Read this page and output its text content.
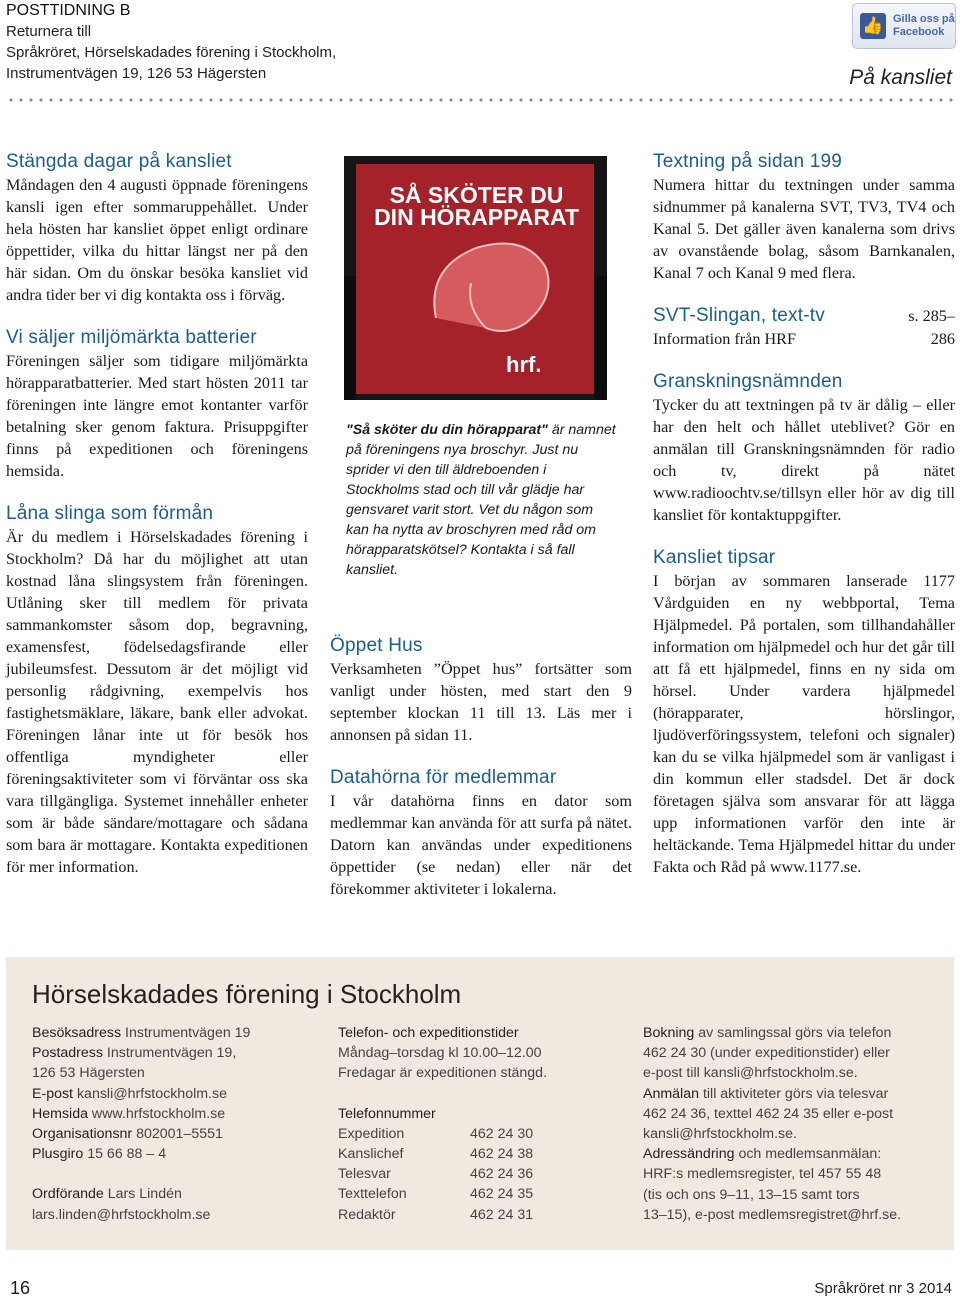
POSTTIDNING B
Returnera till
Språkröret, Hörselskadades förening i Stockholm,
Instrumentvägen 19, 126 53 Hägersten
👍 Gilla oss på
Facebook
På kansliet
Stängda dagar på kansliet

Måndagen den 4 augusti öppnade föreningens kansli igen efter sommaruppehållet. Under hela hösten har kansliet öppet enligt ordinare öppettider, vilka du hittar längst ner på den här sidan. Om du önskar besöka kansliet vid andra tider ber vi dig kontakta oss i förväg.

Vi säljer miljömärkta batterier

Föreningen säljer som tidigare miljömärkta hörapparatbatterier. Med start hösten 2011 tar föreningen inte längre emot kontanter varför betalning sker genom faktura. Prisuppgifter finns på expeditionen och föreningens hemsida.

Låna slinga som förmån

Är du medlem i Hörselskadades förening i Stockholm? Då har du möjlighet att utan kostnad låna slingsystem från föreningen. Utlåning sker till medlem för privata sammankomster såsom dop, begravning, examensfest, födelsedagsfirande eller jubileumsfest. Dessutom är det möjligt vid personlig rådgivning, exempelvis hos fastighetsmäklare, läkare, bank eller advokat. Föreningen lånar inte ut för besök hos offentliga myndigheter eller föreningsaktiviteter som vi förväntar oss ska vara tillgängliga. Systemet innehåller enheter som är både sändare/mottagare och sådana som bara är mottagare. Kontakta expeditionen för mer information.

SÅ SKÖTER DU
DIN HÖRAPPARAT
hrf.
"Så sköter du din hörapparat" är namnet på föreningens nya broschyr. Just nu sprider vi den till äldreboenden i Stockholms stad och till vår glädje har gensvaret varit stort. Vet du någon som kan ha nytta av broschyren med råd om hörapparatskötsel? Kontakta i så fall kansliet.
Öppet Hus

Verksamheten ”Öppet hus” fortsätter som vanligt under hösten, med start den 9 september klockan 11 till 13. Läs mer i annonsen på sidan 11.

Datahörna för medlemmar

I vår datahörna finns en dator som medlemmar kan använda för att surfa på nätet. Datorn kan användas under expeditionens öppettider (se nedan) eller när det förekommer aktiviteter i lokalerna.

Textning på sidan 199

Numera hittar du textningen under samma sidnummer på kanalerna SVT, TV3, TV4 och Kanal 5. Det gäller även kanalerna som drivs av ovanstående bolag, såsom Barnkanalen, Kanal 7 och Kanal 9 med flera.

SVT-Slingan, text-tv	s. 285–
Information från HRF	286
Granskningsnämnden

Tycker du att textningen på tv är dålig – eller har den helt och hållet uteblivet? Gör en anmälan till Granskningsnämnden för radio och tv, direkt på nätet www.radioochtv.se/tillsyn eller hör av dig till kansliet för kontaktuppgifter.

Kansliet tipsar

I början av sommaren lanserade 1177 Vårdguiden en ny webbportal, Tema Hjälpmedel. På portalen, som tillhandahåller information om hjälpmedel och hur det går till att få ett hjälpmedel, finns en ny sida om hörsel. Under vardera hjälpmedel (hörapparater, hörslingor, ljudöverföringssystem, telefoni och signaler) kan du se vilka hjälpmedel som är vanligast i din kommun eller stadsdel. Det är dock företagen själva som ansvarar för att lägga upp informationen varför den inte är heltäckande. Tema Hjälpmedel hittar du under Fakta och Råd på www.1177.se.

Hörselskadades förening i Stockholm
Besöksadress Instrumentvägen 19
Postadress Instrumentvägen 19,
126 53 Hägersten
E-post kansli@hrfstockholm.se
Hemsida www.hrfstockholm.se
Organisationsnr 802001–5551
Plusgiro 15 66 88 – 4
Ordförande Lars Lindén
lars.linden@hrfstockholm.se
Telefon- och expeditionstider
Måndag–torsdag kl 10.00–12.00
Fredagar är expeditionen stängd.
Telefonnummer
Expedition	462 24 30
Kanslichef	462 24 38
Telesvar	462 24 36
Texttelefon	462 24 35
Redaktör	462 24 31
Bokning av samlingssal görs via telefon
462 24 30 (under expeditionstider) eller
e-post till kansli@hrfstockholm.se.
Anmälan till aktiviteter görs via telesvar
462 24 36, texttel 462 24 35 eller e-post
kansli@hrfstockholm.se.
Adressändring och medlemsanmälan:
HRF:s medlemsregister, tel 457 55 48
(tis och ons 9–11, 13–15 samt tors
13–15), e-post medlemsregistret@hrf.se.
16	Språkröret nr 3 2014
